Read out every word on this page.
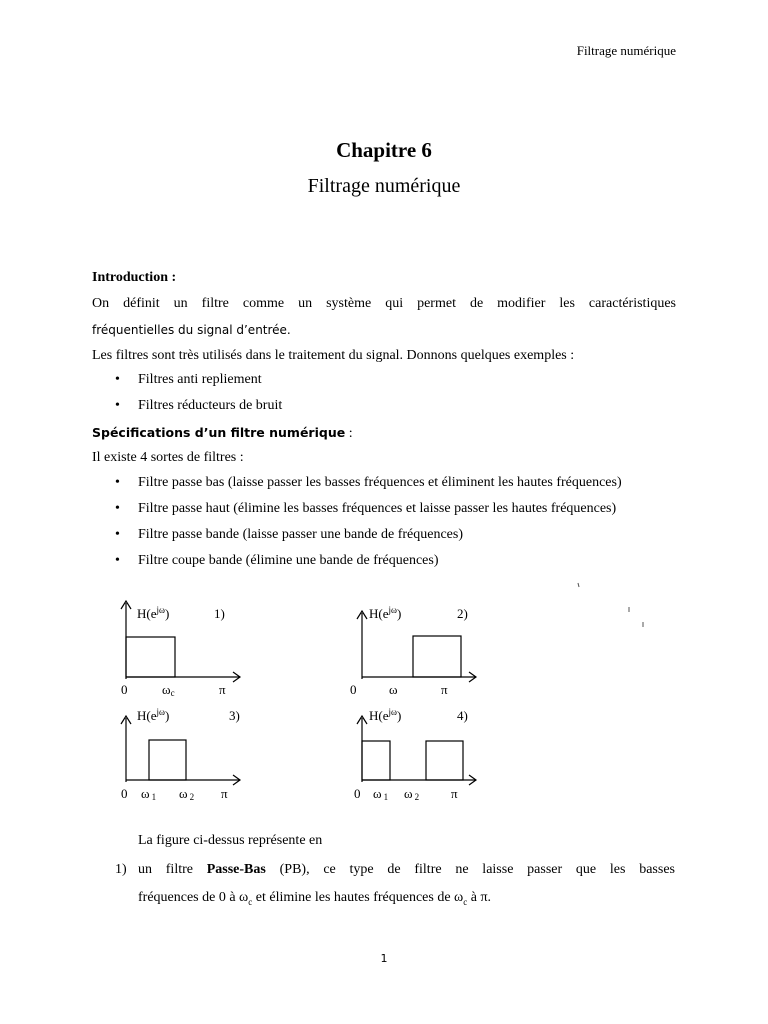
Filtrage numérique
Chapitre 6
Filtrage numérique
Introduction :
On définit un filtre comme un système qui permet de modifier les caractéristiques
fréquentielles du signal d’entrée.
Les filtres sont très utilisés dans le traitement du signal. Donnons quelques exemples :
• Filtres anti repliement
• Filtres réducteurs de bruit
Spécifications d’un filtre numérique :
Il existe 4 sortes de filtres :
• Filtre passe bas (laisse passer les basses fréquences et éliminent les hautes fréquences)
• Filtre passe haut (élimine les basses fréquences et laisse passer les hautes fréquences)
• Filtre passe bande (laisse passer une bande de fréquences)
• Filtre coupe bande (élimine une bande de fréquences)
$H(e^{j\omega})$	1)
0	ωc	π
$H(e^{j\omega})$	2)
0	ω	π
$H(e^{j\omega})$	3)
0 ω 1 ω 2 π
$H(e^{j\omega})$	4)
0 ω 1 ω 2 π
La figure ci-dessus représente en
1) un filtre Passe-Bas (PB), ce type de filtre ne laisse passer que les basses
fréquences de 0 à $\omega_c$ et élimine les hautes fréquences de $\omega_c$ à π.
1
